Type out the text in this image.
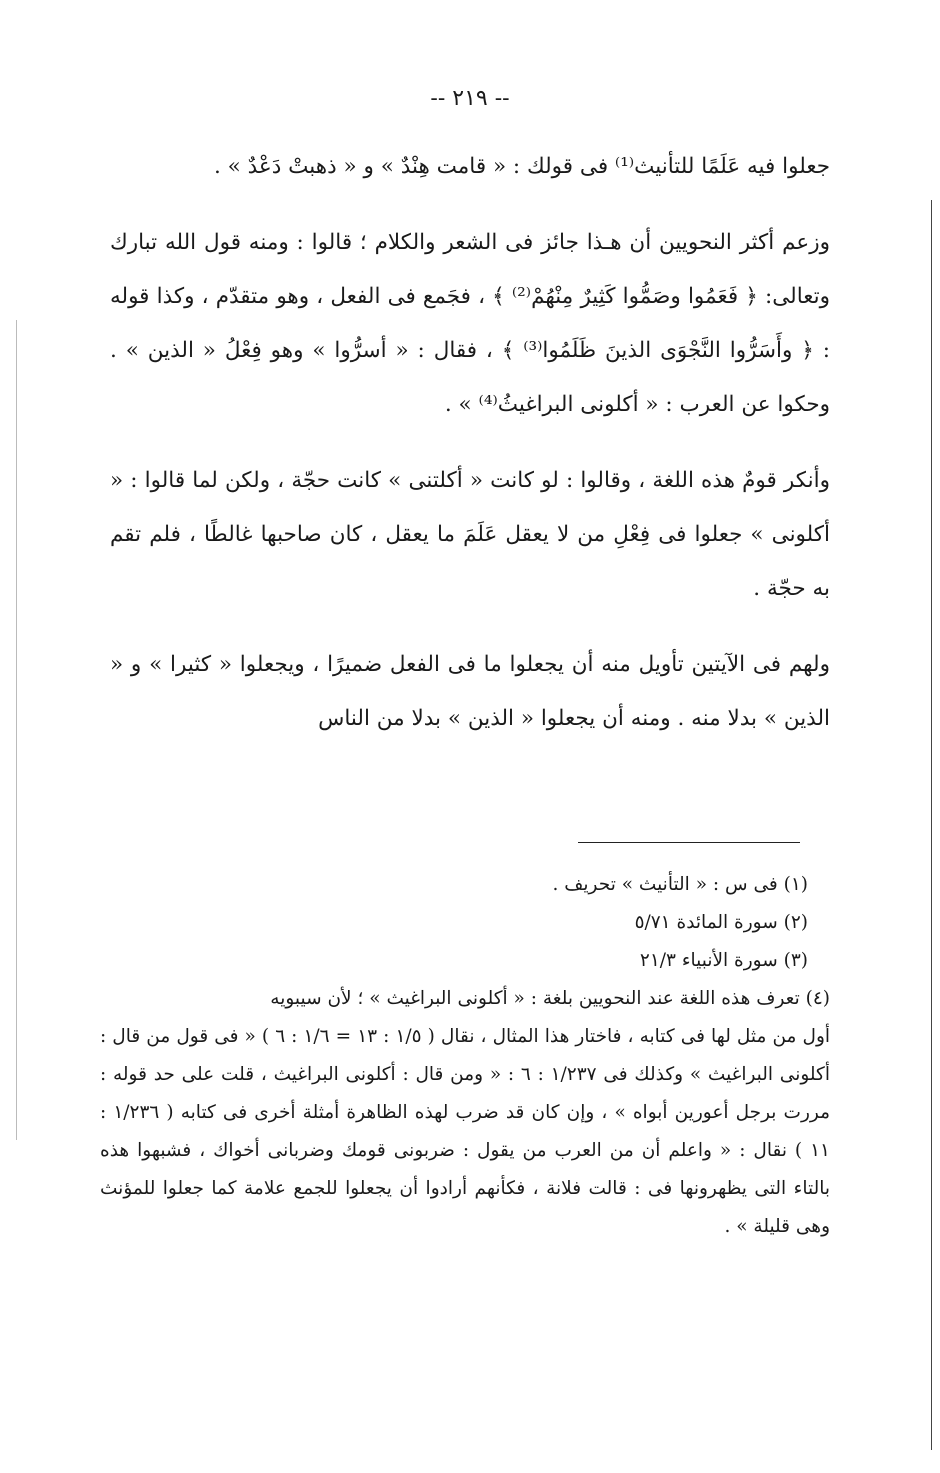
-- ٢١٩ --

جعلوا فيه عَلَمًا للتأنيث⁽¹⁾ فى قولك : « قامت هِنْدٌ » و « ذهبتْ دَعْدٌ » .

وزعم أكثر النحويين أن هـذا جائز فى الشعر والكلام ؛ قالوا : ومنه قول الله تبارك وتعالى: ﴿ فَعَمُوا وصَمُّوا كَثِيرٌ مِنْهُمْ⁽²⁾ ﴾ ، فجَمع فى الفعل ، وهو متقدّم ، وكذا قوله : ﴿ وأَسَرُّوا النَّجْوَى الذينَ ظَلَمُوا⁽³⁾ ﴾ ، فقال : « أسرُّوا » وهو فِعْلُ « الذين » . وحكوا عن العرب : « أكلونى البراغيثُ⁽⁴⁾ » .

وأنكر قومٌ هذه اللغة ، وقالوا : لو كانت « أكلتنى » كانت حجّة ، ولكن لما قالوا : « أكلونى » جعلوا فى فِعْلِ من لا يعقل عَلَمَ ما يعقل ، كان صاحبها غالطًا ، فلم تقم به حجّة .

ولهم فى الآيتين تأويل منه أن يجعلوا ما فى الفعل ضميرًا ، ويجعلوا « كثيرا » و « الذين » بدلا منه . ومنه أن يجعلوا « الذين » بدلا من الناس

(١) فى س : « التأنيث » تحريف .

(٢) سورة المائدة ٥/٧١

(٣) سورة الأنبياء ٢١/٣

(٤) تعرف هذه اللغة عند النحويين بلغة : « أكلونى البراغيث » ؛ لأن سيبويه

أول من مثل لها فى كتابه ، فاختار هذا المثال ، نقال ( ١/٥ : ١٣ = ١/٦ : ٦ ) « فى قول من قال : أكلونى البراغيث » وكذلك فى ١/٢٣٧ : ٦ : « ومن قال : أكلونى البراغيث ، قلت على حد قوله : مررت برجل أعورين أبواه » ، وإن كان قد ضرب لهذه الظاهرة أمثلة أخرى فى كتابه ( ١/٢٣٦ : ١١ ) نقال : « واعلم أن من العرب من يقول : ضربونى قومك وضربانى أخواك ، فشبهوا هذه بالتاء التى يظهرونها فى : قالت فلانة ، فكأنهم أرادوا أن يجعلوا للجمع علامة كما جعلوا للمؤنث وهى قليلة » .
